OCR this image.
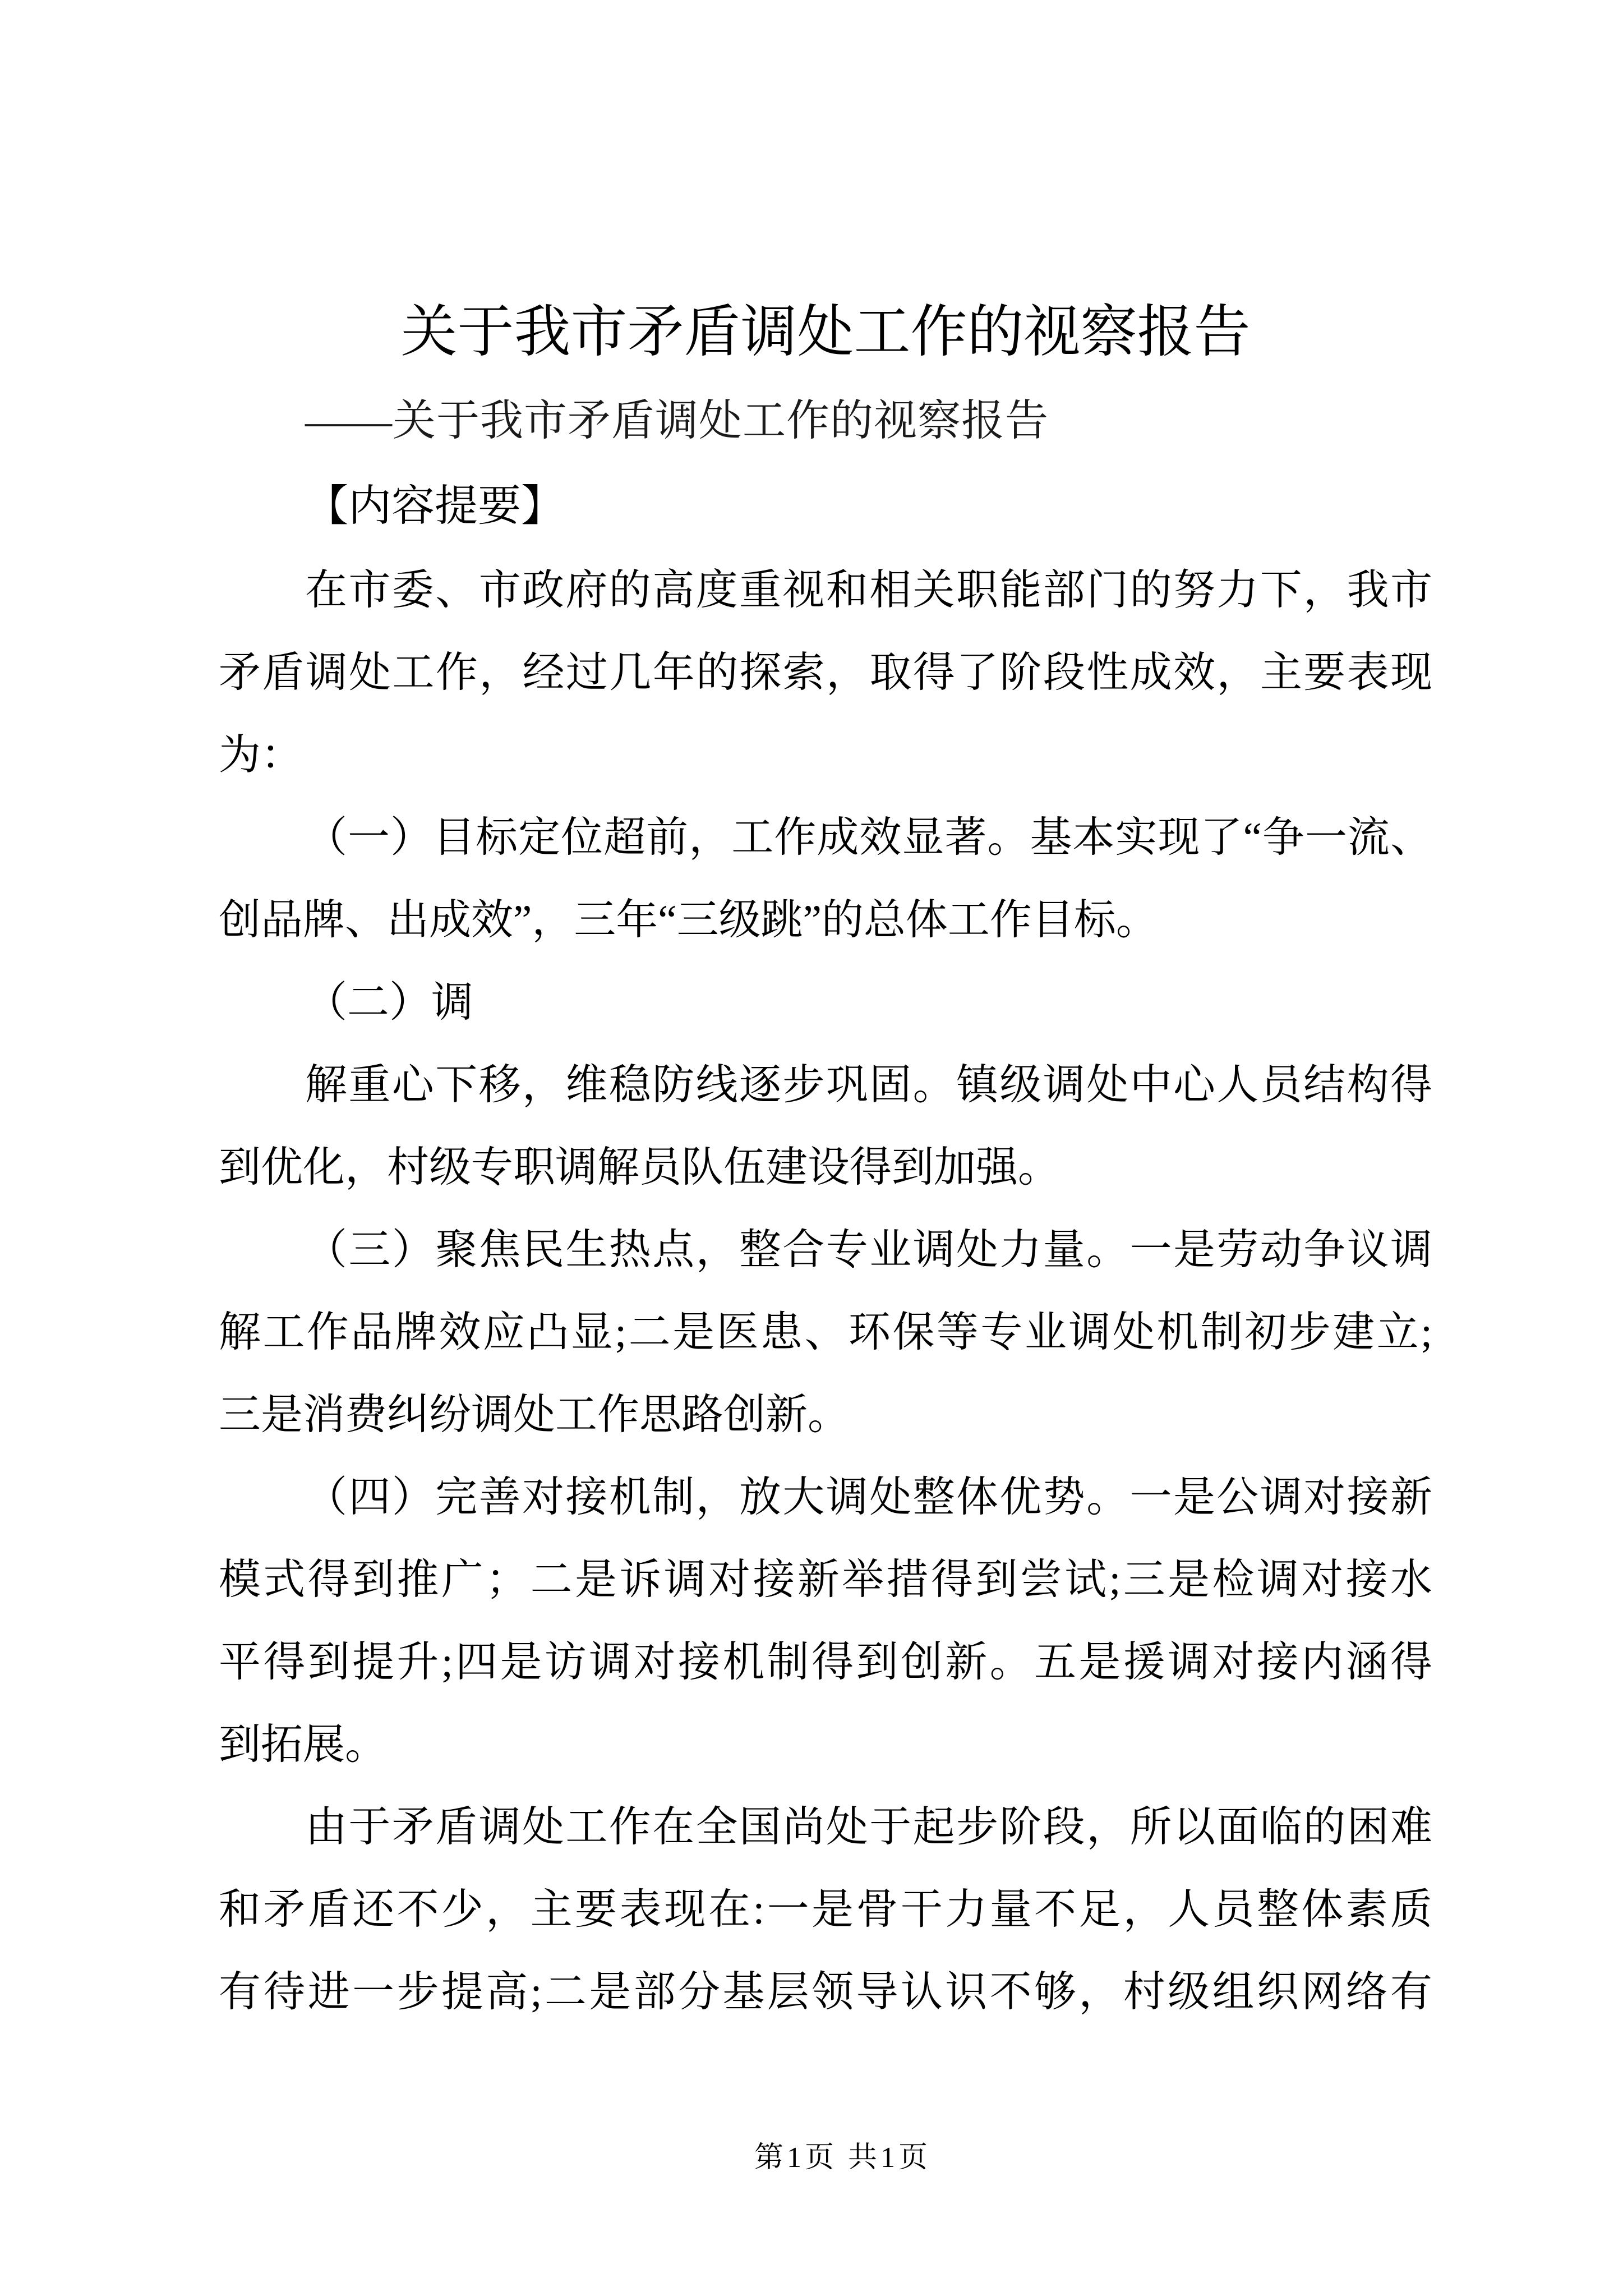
关于我市矛盾调处工作的视察报告
——关于我市矛盾调处工作的视察报告
【内容提要】
在市委、市政府的高度重视和相关职能部门的努力下，我市
矛盾调处工作，经过几年的探索，取得了阶段性成效，主要表现
为：
（一）目标定位超前，工作成效显著。基本实现了“争一流、
创品牌、出成效”，三年“三级跳”的总体工作目标。
（二）调
解重心下移，维稳防线逐步巩固。镇级调处中心人员结构得
到优化，村级专职调解员队伍建设得到加强。
（三）聚焦民生热点，整合专业调处力量。一是劳动争议调
解工作品牌效应凸显;二是医患、环保等专业调处机制初步建立;
三是消费纠纷调处工作思路创新。
（四）完善对接机制，放大调处整体优势。一是公调对接新
模式得到推广；二是诉调对接新举措得到尝试;三是检调对接水
平得到提升;四是访调对接机制得到创新。五是援调对接内涵得
到拓展。
由于矛盾调处工作在全国尚处于起步阶段，所以面临的困难
和矛盾还不少，主要表现在:一是骨干力量不足，人员整体素质
有待进一步提高;二是部分基层领导认识不够，村级组织网络有
第1页 共1页
